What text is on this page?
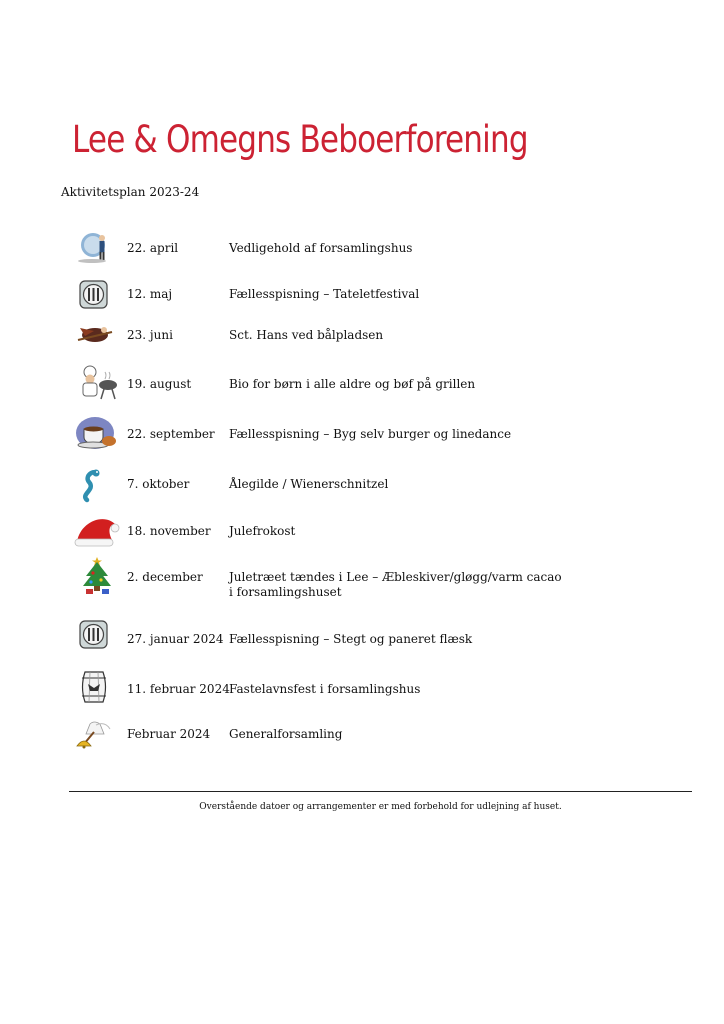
Lee & Omegns Beboerforening
Aktivitetsplan 2023-24
22. april	Vedligehold af forsamlingshus
12. maj	Fællesspisning – Tateletfestival
23. juni	Sct. Hans ved bålpladsen
19. august	Bio for børn i alle aldre og bøf på grillen
22. september Fællesspisning – Byg selv burger og linedance
7. oktober	Ålegilde / Wienerschnitzel
18. november Julefrokost
2. december Juletræet tændes i Lee – Æbleskiver/gløgg/varm cacao i forsamlingshuset
27. januar 2024 Fællesspisning – Stegt og paneret flæsk
11. februar 2024 Fastelavnsfest i forsamlingshus
Februar 2024 Generalforsamling
Overstående datoer og arrangementer er med forbehold for udlejning af huset.
